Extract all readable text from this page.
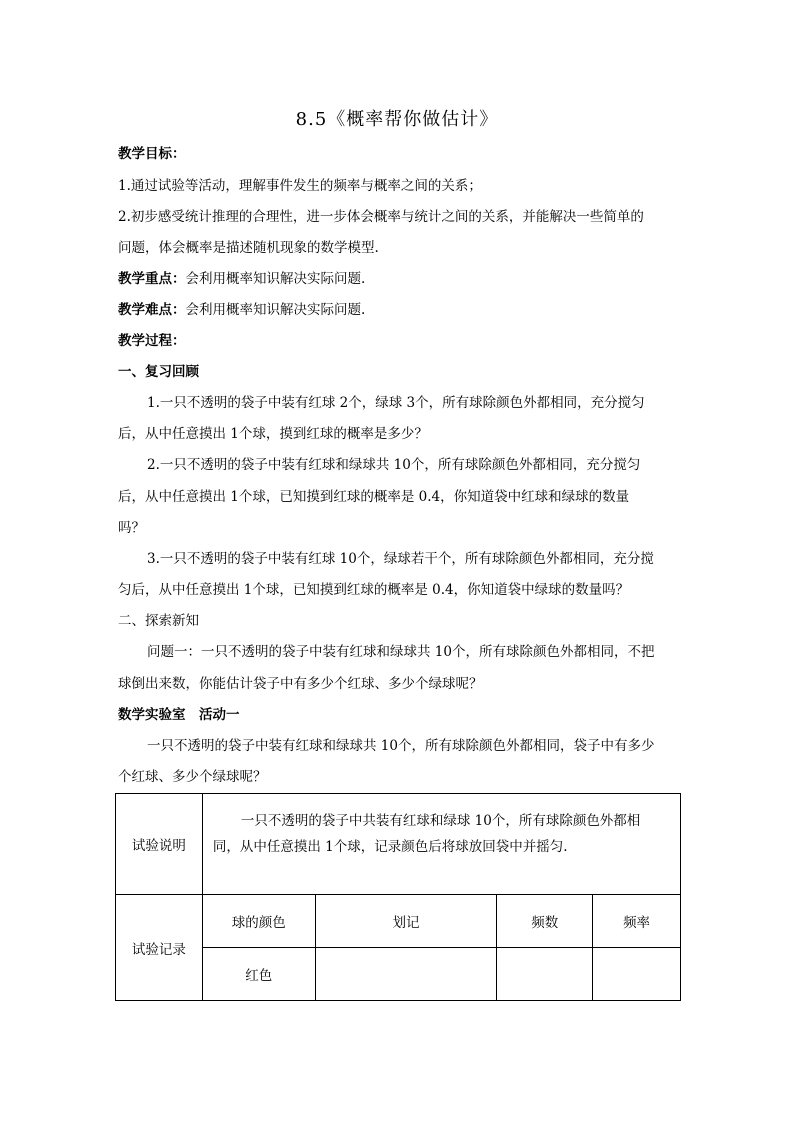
8.5《概率帮你做估计》
教学目标：
1.通过试验等活动，理解事件发生的频率与概率之间的关系；
2.初步感受统计推理的合理性，进一步体会概率与统计之间的关系，并能解决一些简单的
问题，体会概率是描述随机现象的数学模型.
教学重点：会利用概率知识解决实际问题.
教学难点：会利用概率知识解决实际问题.
教学过程：
一、复习回顾
1.一只不透明的袋子中装有红球 2个，绿球 3个，所有球除颜色外都相同，充分搅匀
后，从中任意摸出 1个球，摸到红球的概率是多少？
2.一只不透明的袋子中装有红球和绿球共 10个，所有球除颜色外都相同，充分搅匀
后，从中任意摸出 1个球，已知摸到红球的概率是 0.4，你知道袋中红球和绿球的数量
吗？
3.一只不透明的袋子中装有红球 10个，绿球若干个，所有球除颜色外都相同，充分搅
匀后，从中任意摸出 1个球，已知摸到红球的概率是 0.4，你知道袋中绿球的数量吗？
二、探索新知
问题一：一只不透明的袋子中装有红球和绿球共 10个，所有球除颜色外都相同，不把
球倒出来数，你能估计袋子中有多少个红球、多少个绿球呢？
数学实验室　活动一
一只不透明的袋子中装有红球和绿球共 10个，所有球除颜色外都相同，袋子中有多少
个红球、多少个绿球呢？
试验说明	一只不透明的袋子中共装有红球和绿球 10个，所有球除颜色外都相
同，从中任意摸出 1个球，记录颜色后将球放回袋中并摇匀.			

试验记录	球的颜色	划记	频数	频率
	红色			
